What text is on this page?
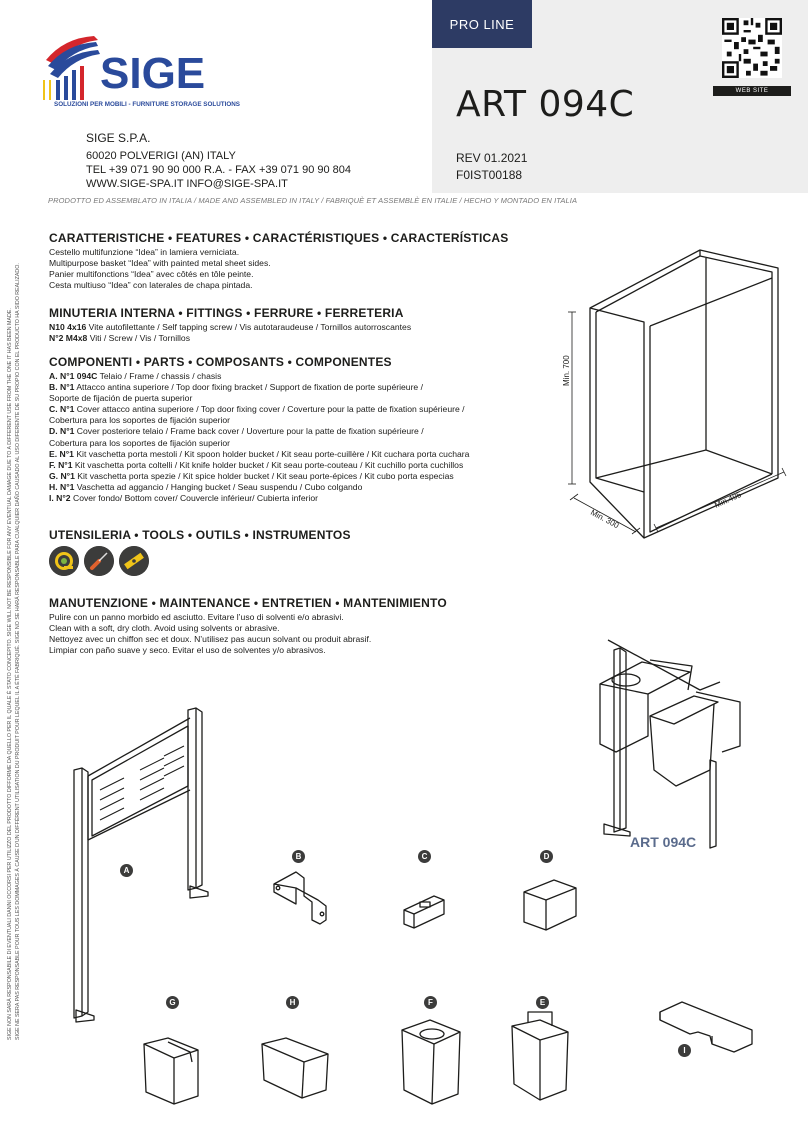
PRO LINE
ART 094C
REV 01.2021
F0IST00188
WEB SITE
SIGE
SOLUZIONI PER MOBILI - FURNITURE STORAGE SOLUTIONS
SIGE S.P.A.
60020 POLVERIGI (AN) ITALY
TEL +39 071 90 90 000 R.A. - FAX +39 071 90 90 804
WWW.SIGE-SPA.IT INFO@SIGE-SPA.IT
PRODOTTO ED ASSEMBLATO IN ITALIA / MADE AND ASSEMBLED IN ITALY / FABRIQUÈ ET ASSEMBLÈ EN ITALIE / HECHO Y MONTADO EN ITALIA
SIGE NON SARÀ RESPONSABILE DI EVENTUALI DANNI OCCORSI PER UTILIZZO DEL PRODOTTO DIFFORME DA QUELLO PER IL QUALE È STATO CONCEPITO. SIGE WILL NOT BE RESPONSIBLE FOR ANY EVENTUAL DAMAGE DUE TO A DIFFERENT USE FROM THE ONE IT HAS BEEN MADE. SIGE NE SERA PAS RESPONSABLE POUR TOUS LES DOMMAGES À CAUSE D'UN DIFFÉRENT UTILISATION DU PRODUIT POUR LEQUEL IL A ÉTÉ FABRIQUÉ. SIGE NO SE HARÁ RESPONSABLE PARA CUALQUIER DAÑO CAUSADO AL USO DIFERENTE DE SU PROPIO CON EL PRODUCTO HA SIDO REALIZADO.
CARATTERISTICHE • FEATURES • CARACTÉRISTIQUES • CARACTERÍSTICAS
Cestello multifunzione “Idea” in lamiera verniciata.
Multipurpose basket “Idea” with painted metal sheet sides.
Panier multifonctions “Idea” avec côtés en tôle peinte.
Cesta multiuso “Idea” con laterales de chapa pintada.
MINUTERIA INTERNA • FITTINGS • FERRURE • FERRETERIA
N10 4x16 Vite autofilettante / Self tapping screw / Vis autotaraudeuse / Tornillos autorroscantes
N°2 M4x8 Viti / Screw / Vis / Tornillos
COMPONENTI • PARTS • COMPOSANTS • COMPONENTES
A. N°1 094C Telaio / Frame / chassis / chasis
B. N°1 Attacco antina superiore / Top door fixing bracket / Support de fixation de porte supérieure /
Soporte de fijación de puerta superior
C. N°1 Cover attacco antina superiore / Top door fixing cover / Coverture pour la patte de fixation supérieure /
Cobertura para los soportes de fijación superior
D. N°1 Cover posteriore telaio / Frame back cover / Uoverture pour la patte de fixation supérieure /
Cobertura para los soportes de fijación superior
E. N°1 Kit vaschetta porta mestoli / Kit spoon holder bucket / Kit seau porte-cuillère / Kit cuchara porta cuchara
F. N°1 Kit vaschetta porta coltelli / Kit knife holder bucket / Kit seau porte-couteau / Kit cuchillo porta cuchillos
G. N°1 Kit vaschetta porta spezie / Kit spice holder bucket / Kit seau porte-épices / Kit cubo porta especias
H. N°1 Vaschetta ad aggancio / Hanging bucket / Seau suspendu / Cubo colgando
I. N°2 Cover fondo/ Bottom cover/ Couvercle inférieur/ Cubierta inferior
UTENSILERIA • TOOLS • OUTILS • INSTRUMENTOS
MANUTENZIONE • MAINTENANCE • ENTRETIEN • MANTENIMIENTO
Pulire con un panno morbido ed asciutto. Evitare l’uso di solventi e/o abrasivi.
Clean with a soft, dry cloth. Avoid using solvents or abrasive.
Nettoyez avec un chiffon sec et doux. N’utilisez pas aucun solvant ou produit abrasif.
Limpiar con paño suave y seco. Evitar el uso de solventes y/o abrasivos.
Min. 700
Min. 300
Min.495
ART 094C
A
B	C	D
E
F
G	H
I
